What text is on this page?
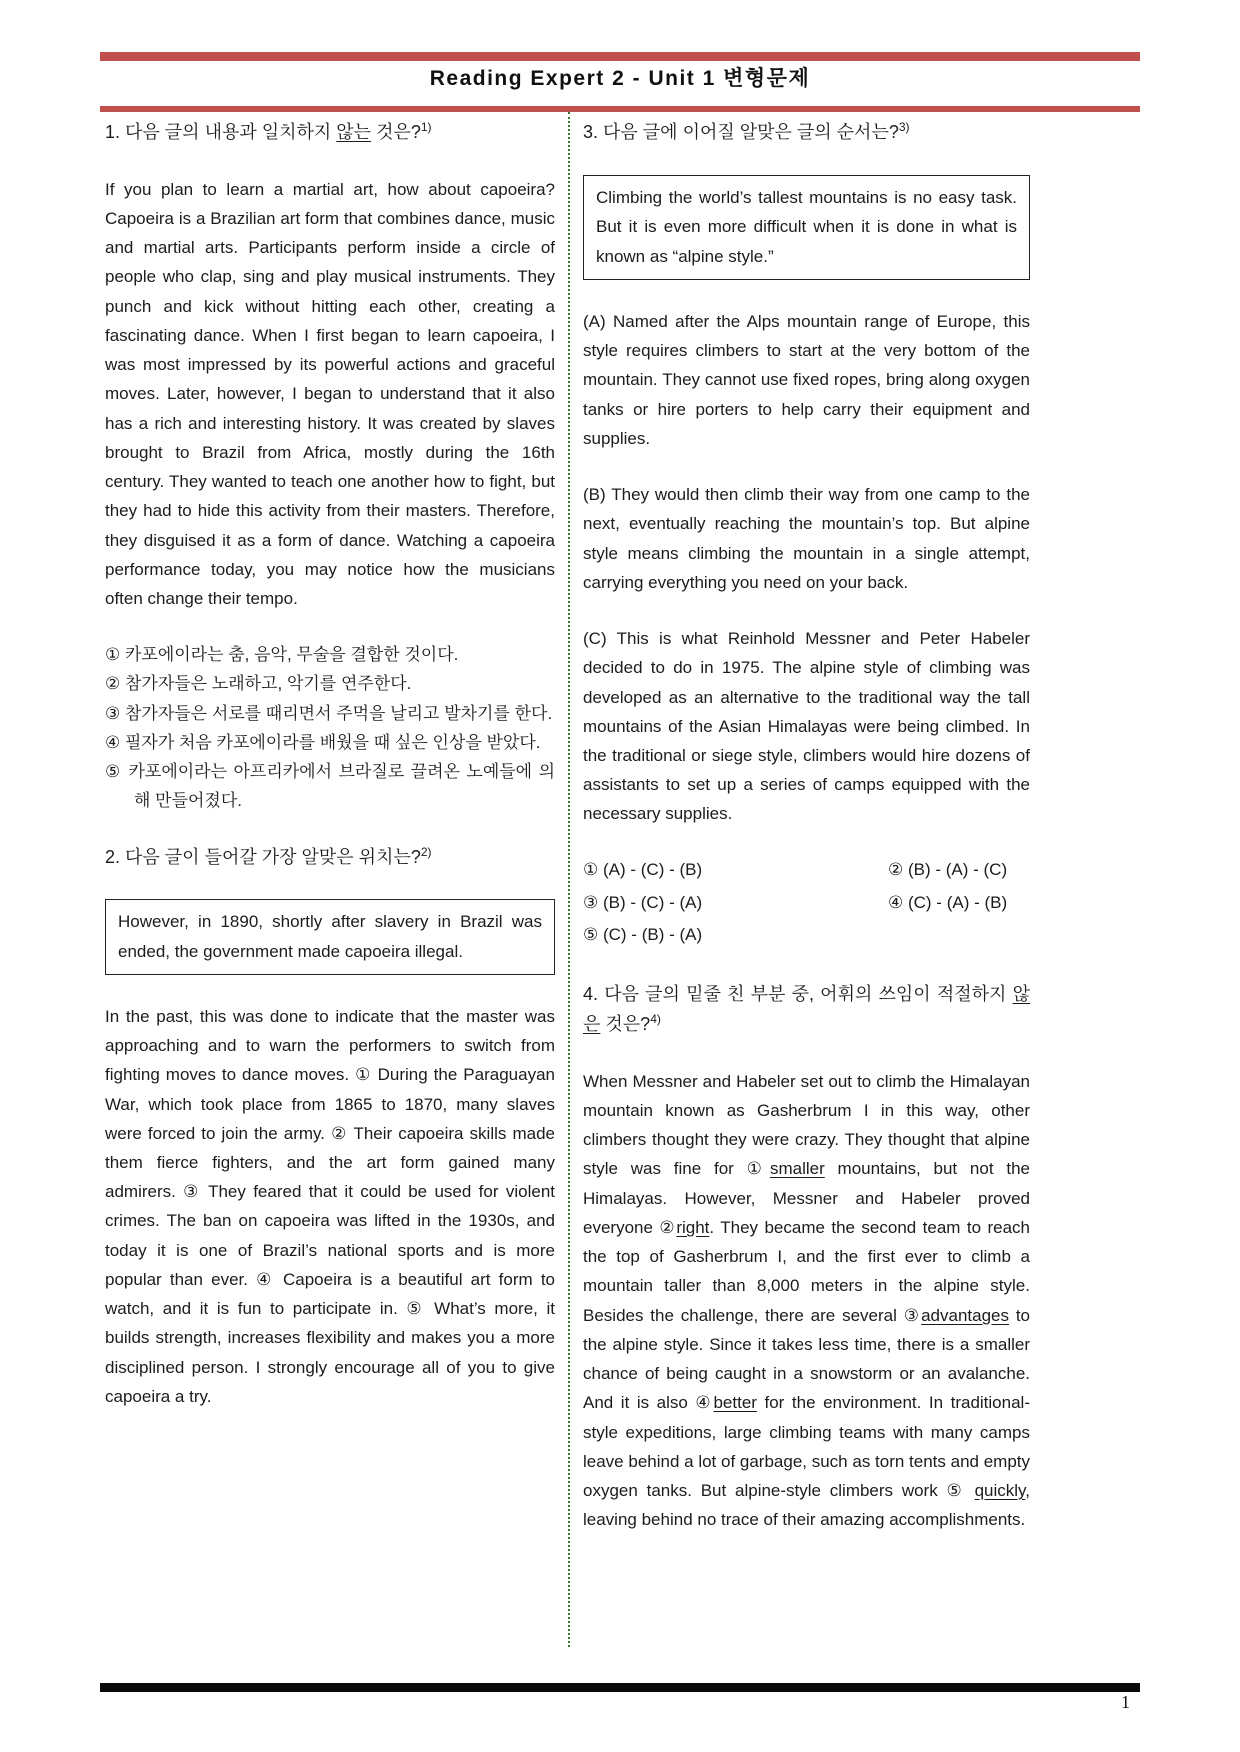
Reading Expert 2 - Unit 1 변형문제
1. 다음 글의 내용과 일치하지 않는 것은?$^{1)}$

If you plan to learn a martial art, how about capoeira? Capoeira is a Brazilian art form that combines dance, music and martial arts. Participants perform inside a circle of people who clap, sing and play musical instruments. They punch and kick without hitting each other, creating a fascinating dance. When I first began to learn capoeira, I was most impressed by its powerful actions and graceful moves. Later, however, I began to understand that it also has a rich and interesting history. It was created by slaves brought to Brazil from Africa, mostly during the 16th century. They wanted to teach one another how to fight, but they had to hide this activity from their masters. Therefore, they disguised it as a form of dance. Watching a capoeira performance today, you may notice how the musicians often change their tempo.

① 카포에이라는 춤, 음악, 무술을 결합한 것이다.
② 참가자들은 노래하고, 악기를 연주한다.
③ 참가자들은 서로를 때리면서 주먹을 날리고 발차기를 한다.
④ 필자가 처음 카포에이라를 배웠을 때 싶은 인상을 받았다.
⑤ 카포에이라는 아프리카에서 브라질로 끌려온 노예들에 의해 만들어졌다.
2. 다음 글이 들어갈 가장 알맞은 위치는?$^{2)}$
However, in 1890, shortly after slavery in Brazil was ended, the government made capoeira illegal.

In the past, this was done to indicate that the master was approaching and to warn the performers to switch from fighting moves to dance moves. ① During the Paraguayan War, which took place from 1865 to 1870, many slaves were forced to join the army. ② Their capoeira skills made them fierce fighters, and the art form gained many admirers. ③ They feared that it could be used for violent crimes. The ban on capoeira was lifted in the 1930s, and today it is one of Brazil’s national sports and is more popular than ever. ④ Capoeira is a beautiful art form to watch, and it is fun to participate in. ⑤ What’s more, it builds strength, increases flexibility and makes you a more disciplined person. I strongly encourage all of you to give capoeira a try.

3. 다음 글에 이어질 알맞은 글의 순서는?$^{3)}$
Climbing the world’s tallest mountains is no easy task. But it is even more difficult when it is done in what is known as “alpine style.”

(A) Named after the Alps mountain range of Europe, this style requires climbers to start at the very bottom of the mountain. They cannot use fixed ropes, bring along oxygen tanks or hire porters to help carry their equipment and supplies.

(B) They would then climb their way from one camp to the next, eventually reaching the mountain’s top. But alpine style means climbing the mountain in a single attempt, carrying everything you need on your back.

(C) This is what Reinhold Messner and Peter Habeler decided to do in 1975. The alpine style of climbing was developed as an alternative to the traditional way the tall mountains of the Asian Himalayas were being climbed. In the traditional or siege style, climbers would hire dozens of assistants to set up a series of camps equipped with the necessary supplies.

① (A) - (C) - (B)	② (B) - (A) - (C)
③ (B) - (C) - (A)	④ (C) - (A) - (B)
⑤ (C) - (B) - (A)
4. 다음 글의 밑줄 친 부분 중, 어휘의 쓰임이 적절하지 않은 것은?$^{4)}$

When Messner and Habeler set out to climb the Himalayan mountain known as Gasherbrum I in this way, other climbers thought they were crazy. They thought that alpine style was fine for ①smaller mountains, but not the Himalayas. However, Messner and Habeler proved everyone ②right. They became the second team to reach the top of Gasherbrum I, and the first ever to climb a mountain taller than 8,000 meters in the alpine style. Besides the challenge, there are several ③advantages to the alpine style. Since it takes less time, there is a smaller chance of being caught in a snowstorm or an avalanche. And it is also ④better for the environment. In traditional-style expeditions, large climbing teams with many camps leave behind a lot of garbage, such as torn tents and empty oxygen tanks. But alpine-style climbers work ⑤ quickly, leaving behind no trace of their amazing accomplishments.

1
